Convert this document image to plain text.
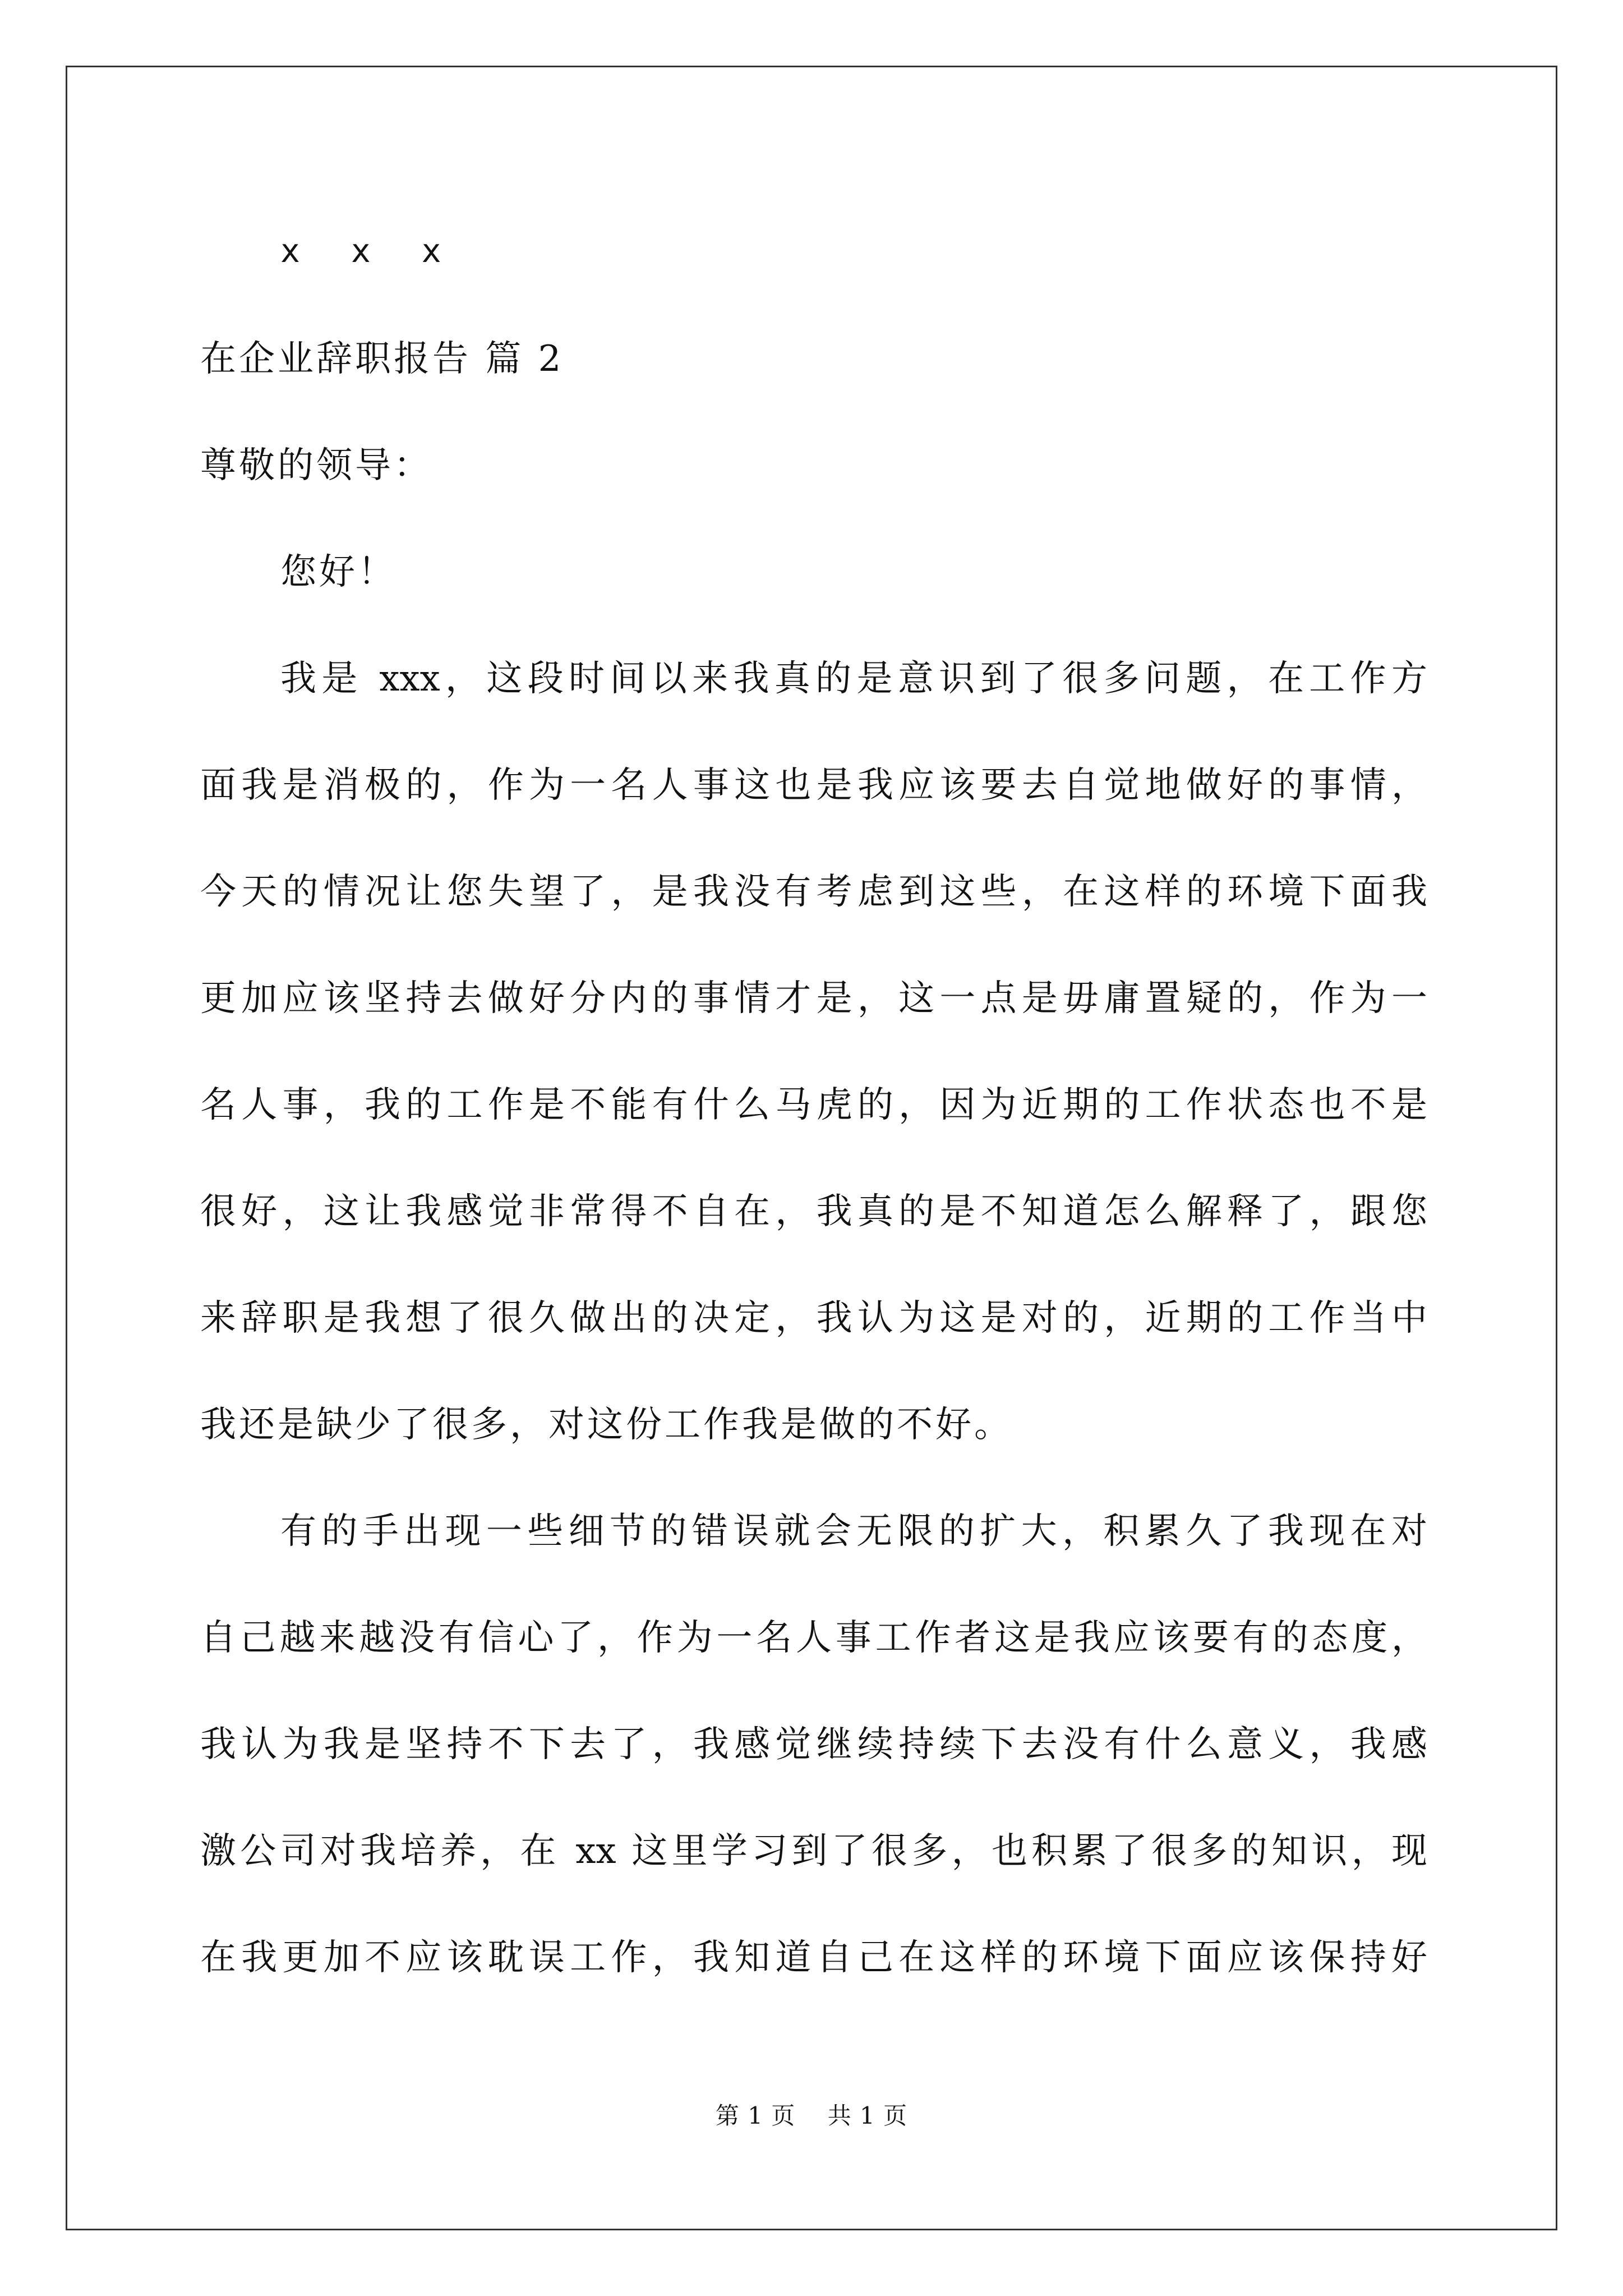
x x x
在企业辞职报告 篇 2
尊敬的领导：
您好！
我是 xxx，这段时间以来我真的是意识到了很多问题，在工作方
面我是消极的，作为一名人事这也是我应该要去自觉地做好的事情，
今天的情况让您失望了，是我没有考虑到这些，在这样的环境下面我
更加应该坚持去做好分内的事情才是，这一点是毋庸置疑的，作为一
名人事，我的工作是不能有什么马虎的，因为近期的工作状态也不是
很好，这让我感觉非常得不自在，我真的是不知道怎么解释了，跟您
来辞职是我想了很久做出的决定，我认为这是对的，近期的工作当中
我还是缺少了很多，对这份工作我是做的不好。
有的手出现一些细节的错误就会无限的扩大，积累久了我现在对
自己越来越没有信心了，作为一名人事工作者这是我应该要有的态度，
我认为我是坚持不下去了，我感觉继续持续下去没有什么意义，我感
激公司对我培养，在 xx 这里学习到了很多，也积累了很多的知识，现
在我更加不应该耽误工作，我知道自己在这样的环境下面应该保持好
第 1 页    共 1 页
